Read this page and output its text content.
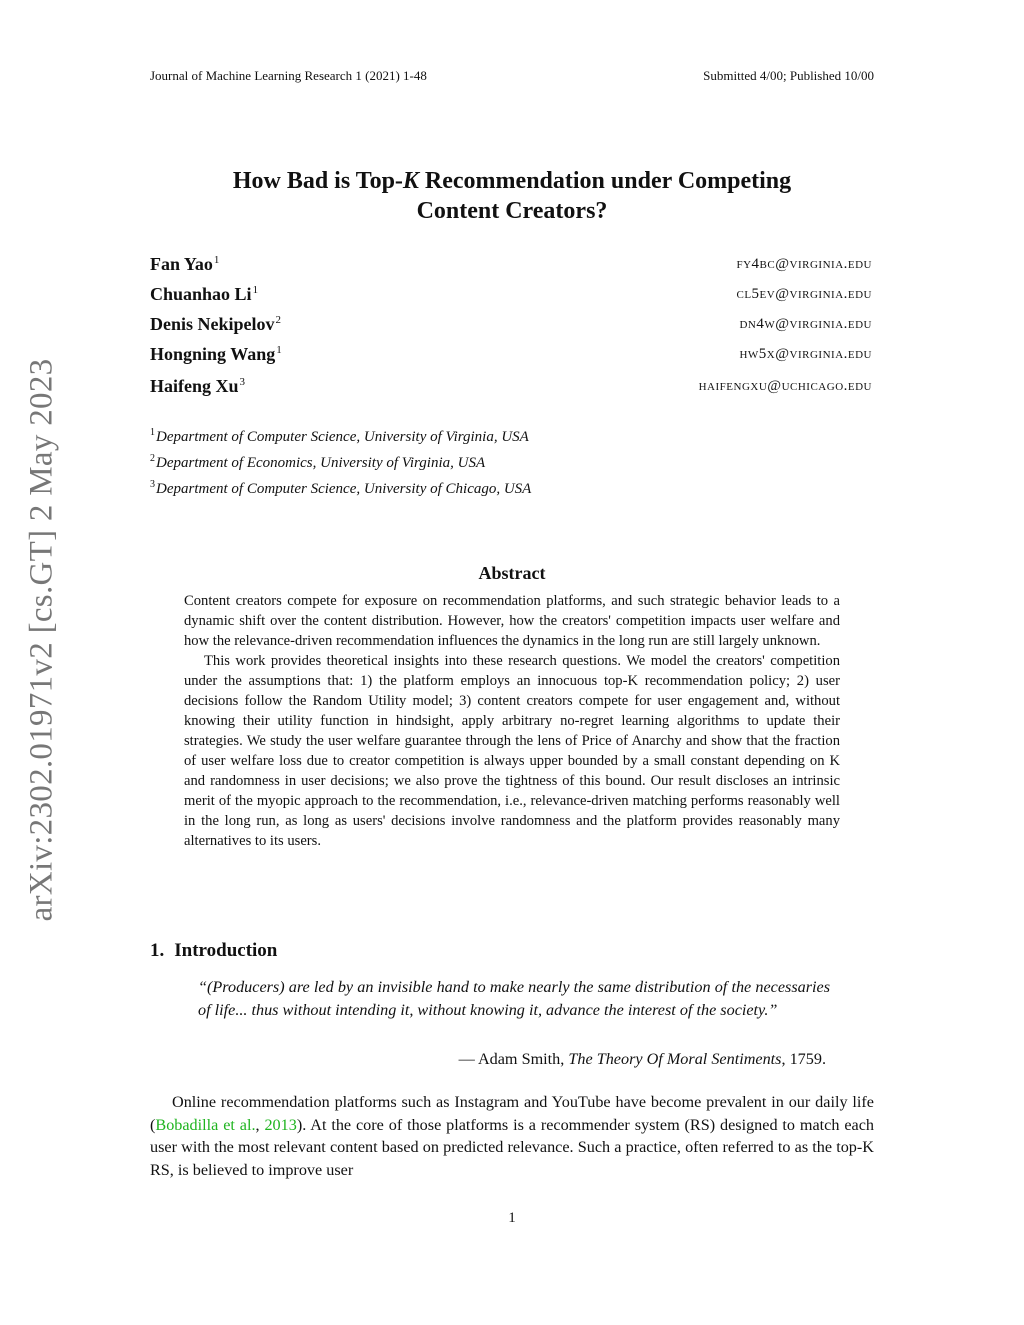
Journal of Machine Learning Research 1 (2021) 1-48	Submitted 4/00; Published 10/00
arXiv:2302.01971v2 [cs.GT] 2 May 2023
How Bad is Top-K Recommendation under Competing
Content Creators?
Fan Yao$^1$	fy4bc@virginia.edu
Chuanhao Li$^1$	cl5ev@virginia.edu
Denis Nekipelov$^2$	dn4w@virginia.edu
Hongning Wang$^1$	hw5x@virginia.edu
Haifeng Xu$^3$	haifengxu@uchicago.edu
$^1$Department of Computer Science, University of Virginia, USA
$^2$Department of Economics, University of Virginia, USA
$^3$Department of Computer Science, University of Chicago, USA
Abstract

Content creators compete for exposure on recommendation platforms, and such strategic behavior leads to a dynamic shift over the content distribution. However, how the creators' competition impacts user welfare and how the relevance-driven recommendation influences the dynamics in the long run are still largely unknown.

This work provides theoretical insights into these research questions. We model the creators' competition under the assumptions that: 1) the platform employs an innocuous top-K recommendation policy; 2) user decisions follow the Random Utility model; 3) content creators compete for user engagement and, without knowing their utility function in hindsight, apply arbitrary no-regret learning algorithms to update their strategies. We study the user welfare guarantee through the lens of Price of Anarchy and show that the fraction of user welfare loss due to creator competition is always upper bounded by a small constant depending on K and randomness in user decisions; we also prove the tightness of this bound. Our result discloses an intrinsic merit of the myopic approach to the recommendation, i.e., relevance-driven matching performs reasonably well in the long run, as long as users' decisions involve randomness and the platform provides reasonably many alternatives to its users.

1. Introduction
“(Producers) are led by an invisible hand to make nearly the same distribution of the necessaries of life... thus without intending it, without knowing it, advance the interest of the society.”
— Adam Smith, The Theory Of Moral Sentiments, 1759.
Online recommendation platforms such as Instagram and YouTube have become prevalent in our daily life (Bobadilla et al., 2013). At the core of those platforms is a recommender system (RS) designed to match each user with the most relevant content based on predicted relevance. Such a practice, often referred to as the top-K RS, is believed to improve user
1
